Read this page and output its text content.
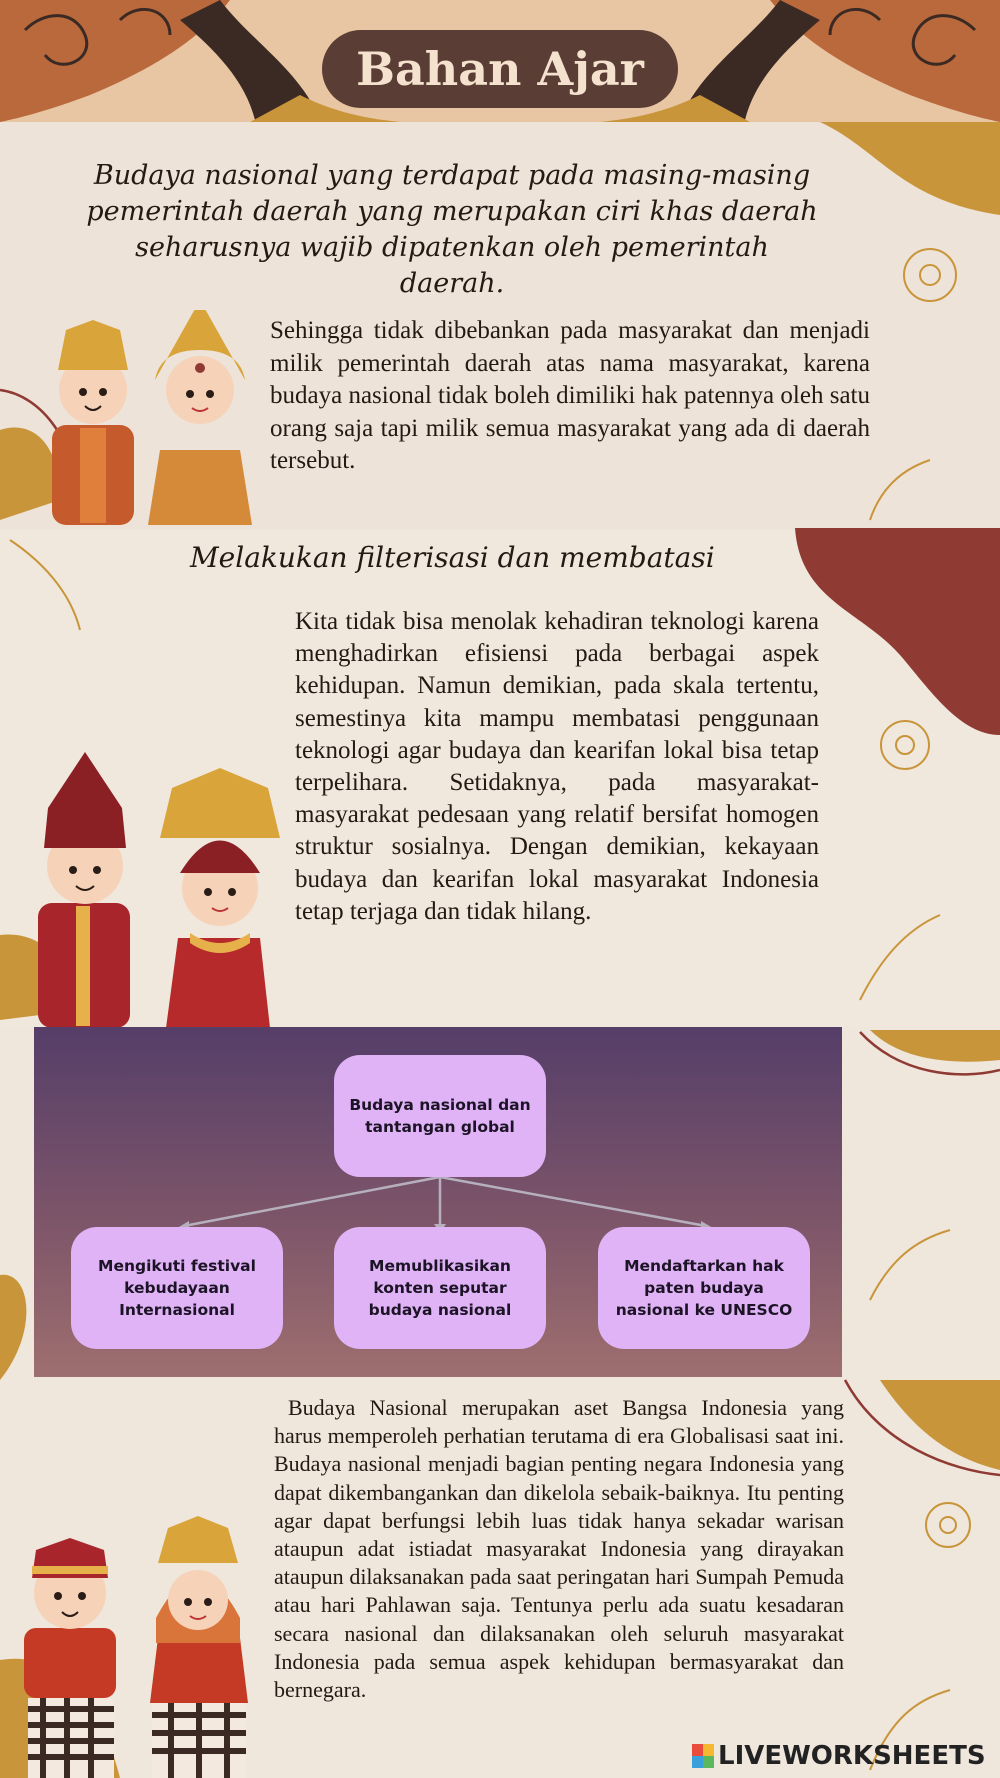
Bahan Ajar
Budaya nasional yang terdapat pada masing-masing pemerintah daerah yang merupakan ciri khas daerah seharusnya wajib dipatenkan oleh pemerintah daerah.
Sehingga tidak dibebankan pada masyarakat dan menjadi milik pemerintah daerah atas nama masyarakat, karena budaya nasional tidak boleh dimiliki hak patennya oleh satu orang saja tapi milik semua masyarakat yang ada di daerah tersebut.
Melakukan filterisasi dan membatasi
Kita tidak bisa menolak kehadiran teknologi karena menghadirkan efisiensi pada berbagai aspek kehidupan. Namun demikian, pada skala tertentu, semestinya kita mampu membatasi penggunaan teknologi agar budaya dan kearifan lokal bisa tetap terpelihara. Setidaknya, pada masyarakat-masyarakat pedesaan yang relatif bersifat homogen struktur sosialnya. Dengan demikian, kekayaan budaya dan kearifan lokal masyarakat Indonesia tetap terjaga dan tidak hilang.
Budaya nasional dan tantangan global
Mengikuti festival kebudayaan Internasional
Memublikasikan konten seputar budaya nasional
Mendaftarkan hak paten budaya nasional ke UNESCO
Budaya Nasional merupakan aset Bangsa Indonesia yang harus memperoleh perhatian terutama di era Globalisasi saat ini. Budaya nasional menjadi bagian penting negara Indonesia yang dapat dikembangankan dan dikelola sebaik-baiknya. Itu penting agar dapat berfungsi lebih luas tidak hanya sekadar warisan ataupun adat istiadat masyarakat Indonesia yang dirayakan ataupun dilaksanakan pada saat peringatan hari Sumpah Pemuda atau hari Pahlawan saja. Tentunya perlu ada suatu kesadaran secara nasional dan dilaksanakan oleh seluruh masyarakat Indonesia pada semua aspek kehidupan bermasyarakat dan bernegara.
LIVEWORKSHEETS
